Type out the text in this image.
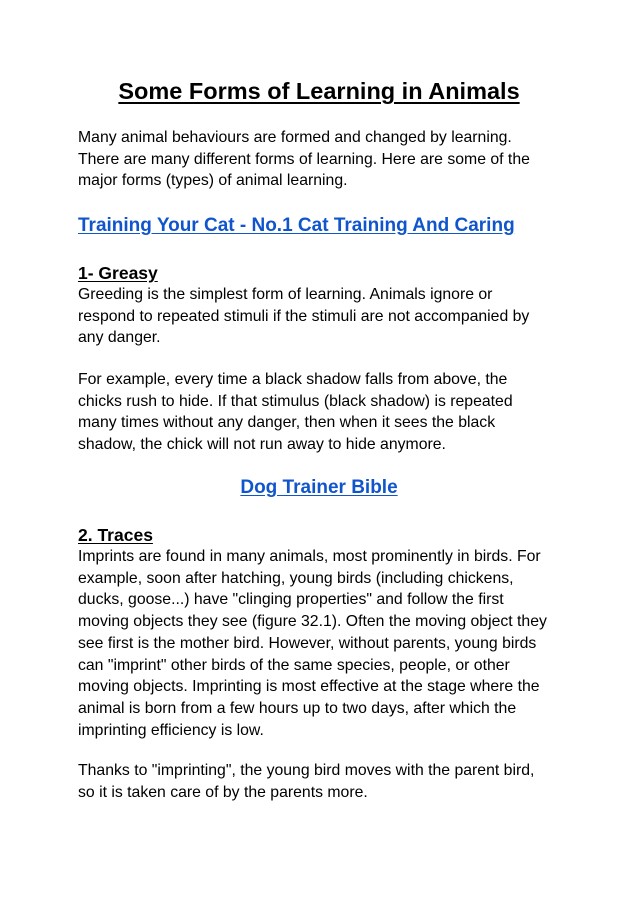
Some Forms of Learning in Animals

Many animal behaviours are formed and changed by learning.
There are many different forms of learning. Here are some of the
major forms (types) of animal learning.

Training Your Cat - No.1 Cat Training And Caring
1- Greasy

Greeding is the simplest form of learning. Animals ignore or
respond to repeated stimuli if the stimuli are not accompanied by
any danger.

For example, every time a black shadow falls from above, the
chicks rush to hide. If that stimulus (black shadow) is repeated
many times without any danger, then when it sees the black
shadow, the chick will not run away to hide anymore.

Dog Trainer Bible
2. Traces

Imprints are found in many animals, most prominently in birds. For
example, soon after hatching, young birds (including chickens,
ducks, goose...) have "clinging properties" and follow the first
moving objects they see (figure 32.1). Often the moving object they
see first is the mother bird. However, without parents, young birds
can "imprint" other birds of the same species, people, or other
moving objects. Imprinting is most effective at the stage where the
animal is born from a few hours up to two days, after which the
imprinting efficiency is low.

Thanks to "imprinting", the young bird moves with the parent bird,
so it is taken care of by the parents more.
